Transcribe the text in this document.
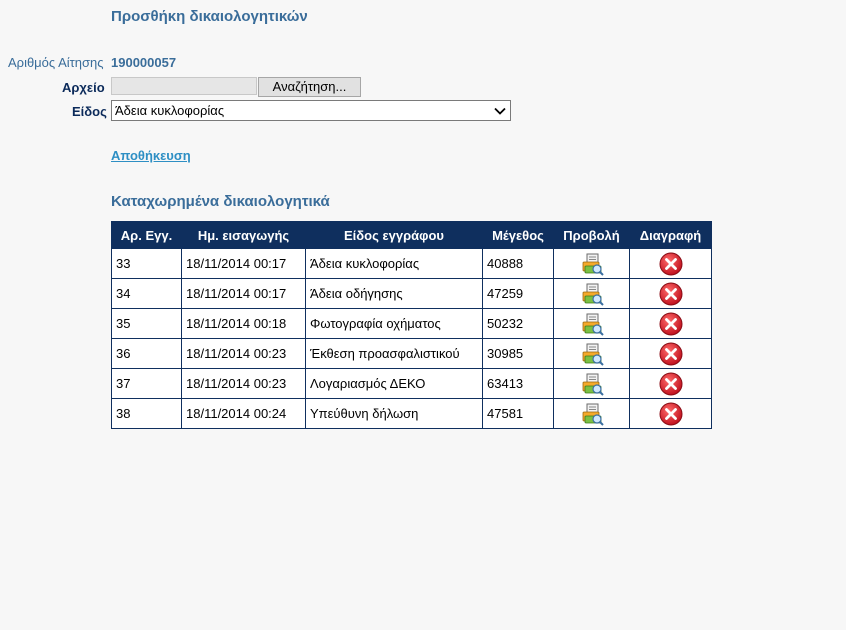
Προσθήκη δικαιολογητικών
Αριθμός Αίτησης 190000057
Αρχείο	Αναζήτηση...
Είδος Άδεια κυκλοφορίας
Αποθήκευση
Καταχωρημένα δικαιολογητικά
Αρ. Εγγ.	Ημ. εισαγωγής	Είδος εγγράφου	Μέγεθος	Προβολή	Διαγραφή
33	18/11/2014 00:17	Άδεια κυκλοφορίας	40888		
34	18/11/2014 00:17	Άδεια οδήγησης	47259		
35	18/11/2014 00:18	Φωτογραφία οχήματος	50232		
36	18/11/2014 00:23	Έκθεση προασφαλιστικού	30985		
37	18/11/2014 00:23	Λογαριασμός ΔΕΚΟ	63413		
38	18/11/2014 00:24	Υπεύθυνη δήλωση	47581		
